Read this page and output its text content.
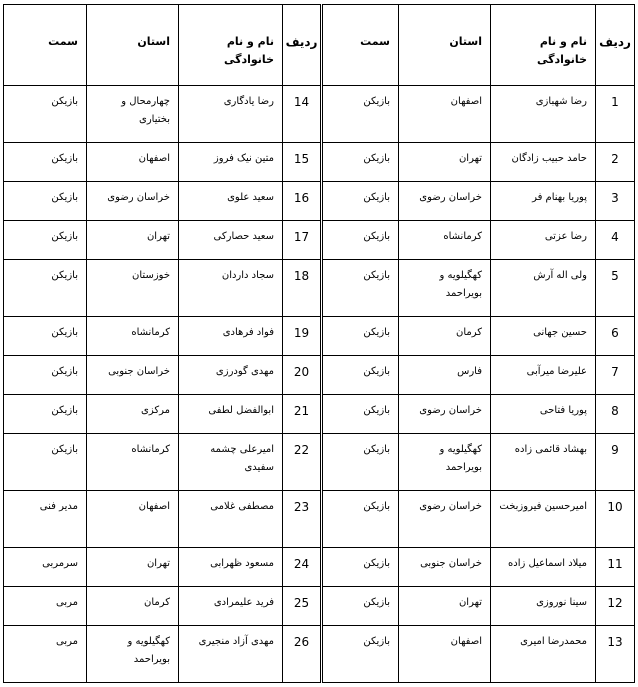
ردیف	نام و نام خانوادگی	استان	سمت	ردیف	نام و نام خانوادگی	استان	سمت
1	رضا شهبازی	اصفهان	بازیکن	14	رضا یادگاری	چهارمحال و بختیاری	بازیکن
2	حامد حبیب زادگان	تهران	بازیکن	15	متین نیک فروز	اصفهان	بازیکن
3	پوریا بهنام فر	خراسان رضوی	بازیکن	16	سعید علوی	خراسان رضوی	بازیکن
4	رضا عزتی	کرمانشاه	بازیکن	17	سعید حصارکی	تهران	بازیکن
5	ولی اله آرش	کهگیلویه و بویراحمد	بازیکن	18	سجاد داردان	خوزستان	بازیکن
6	حسین جهانی	کرمان	بازیکن	19	فواد فرهادی	کرمانشاه	بازیکن
7	علیرضا میرآبی	فارس	بازیکن	20	مهدی گودرزی	خراسان جنوبی	بازیکن
8	پوریا فتاحی	خراسان رضوی	بازیکن	21	ابوالفضل لطفی	مرکزی	بازیکن
9	بهشاد قائمی زاده	کهگیلویه و بویراحمد	بازیکن	22	امیرعلی چشمه سفیدی	کرمانشاه	بازیکن
10	امیرحسین فیروزبخت	خراسان رضوی	بازیکن	23	مصطفی غلامی	اصفهان	مدیر فنی
11	میلاد اسماعیل زاده	خراسان جنوبی	بازیکن	24	مسعود ظهرابی	تهران	سرمربی
12	سینا نوروزی	تهران	بازیکن	25	فرید علیمرادی	کرمان	مربی
13	محمدرضا امیری	اصفهان	بازیکن	26	مهدی آزاد منجیری	کهگیلویه و بویراحمد	مربی
